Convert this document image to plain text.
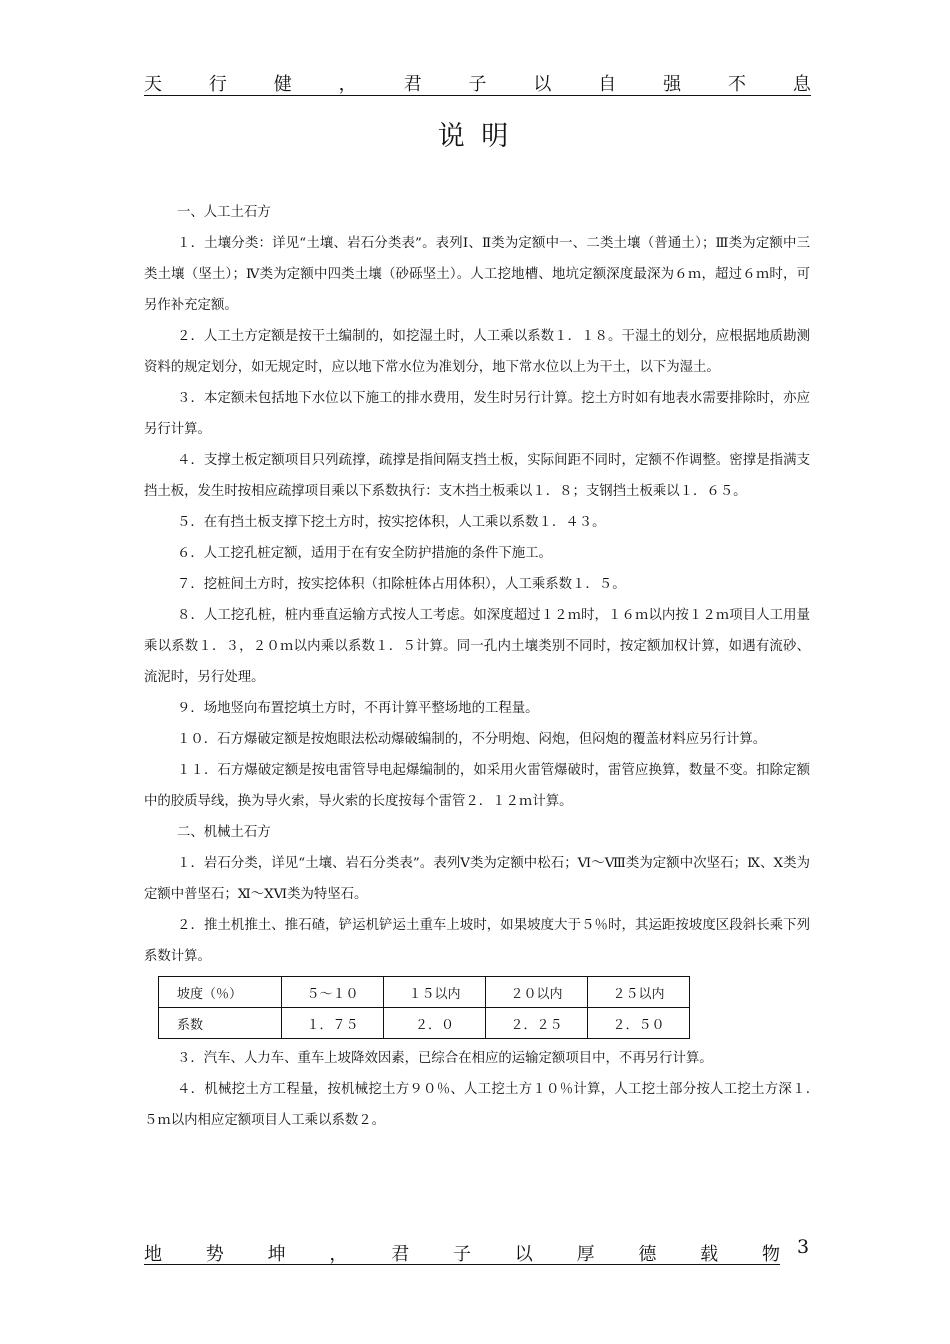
天	行	健	，	君	子	以	自	强	不	息
说 明

一、人工土石方

１．土壤分类：详见“土壤、岩石分类表”。表列Ⅰ、Ⅱ类为定额中一、二类土壤（普通土）；Ⅲ类为定额中三类土壤（坚土）；Ⅳ类为定额中四类土壤（砂砾坚土）。人工挖地槽、地坑定额深度最深为６ｍ，超过６ｍ时，可另作补充定额。

２．人工土方定额是按干土编制的，如挖湿土时，人工乘以系数１．１８。干湿土的划分，应根据地质勘测资料的规定划分，如无规定时，应以地下常水位为准划分，地下常水位以上为干土，以下为湿土。

３．本定额未包括地下水位以下施工的排水费用，发生时另行计算。挖土方时如有地表水需要排除时，亦应另行计算。

４．支撑土板定额项目只列疏撑，疏撑是指间隔支挡土板，实际间距不同时，定额不作调整。密撑是指满支挡土板，发生时按相应疏撑项目乘以下系数执行：支木挡土板乘以１．８；支钢挡土板乘以１．６５。

５．在有挡土板支撑下挖土方时，按实挖体积，人工乘以系数１．４３。

６．人工挖孔桩定额，适用于在有安全防护措施的条件下施工。

７．挖桩间土方时，按实挖体积（扣除桩体占用体积），人工乘系数１．５。

８．人工挖孔桩，桩内垂直运输方式按人工考虑。如深度超过１２ｍ时，１６ｍ以内按１２ｍ项目人工用量乘以系数１．３，２０ｍ以内乘以系数１．５计算。同一孔内土壤类别不同时，按定额加权计算，如遇有流砂、流泥时，另行处理。

９．场地竖向布置挖填土方时，不再计算平整场地的工程量。

１０．石方爆破定额是按炮眼法松动爆破编制的，不分明炮、闷炮，但闷炮的覆盖材料应另行计算。

１１．石方爆破定额是按电雷管导电起爆编制的，如采用火雷管爆破时，雷管应换算，数量不变。扣除定额中的胶质导线，换为导火索，导火索的长度按每个雷管２．１２ｍ计算。

二、机械土石方

１．岩石分类，详见“土壤、岩石分类表”。表列Ⅴ类为定额中松石；Ⅵ～Ⅷ类为定额中次坚石；Ⅸ、Ⅹ类为定额中普坚石；Ⅺ～ⅩⅥ类为特坚石。

２．推土机推土、推石碴，铲运机铲运土重车上坡时，如果坡度大于５％时，其运距按坡度区段斜长乘下列系数计算。

坡度（％）	５～１０	１５以内	２０以内	２５以内
系数	１．７５	２．０	２．２５	２．５０

３．汽车、人力车、重车上坡降效因素，已综合在相应的运输定额项目中，不再另行计算。

４．机械挖土方工程量，按机械挖土方９０％、人工挖土方１０％计算，人工挖土部分按人工挖土方深１.５ｍ以内相应定额项目人工乘以系数２。

地 势 坤 ， 君 子 以 厚 德 载 物 3
